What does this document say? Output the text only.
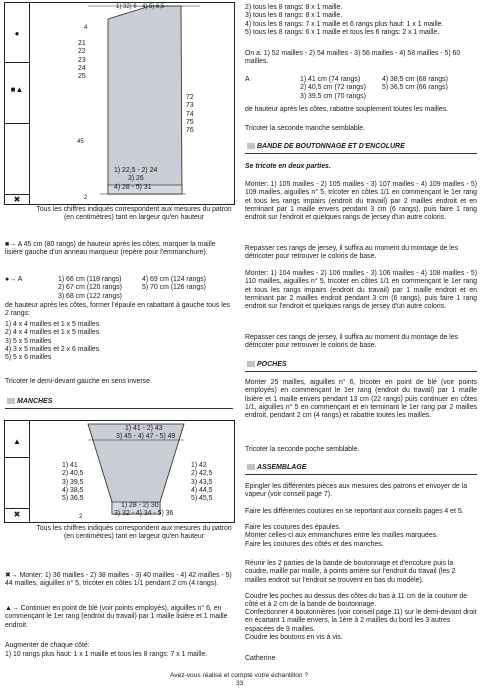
●
■▲
✖
1) 32) 6 - 4) 5) 6,5
4
21
22
23
24
25
72
73
74
75
76
45
1) 22,5 - 2) 24
3) 26
4) 28 - 5) 31
2
Tous les chiffres indiqués correspondent aux mesures du patron (en centimètres) tant en largeur qu'en hauteur
■→ A 45 cm (80 rangs) de hauteur après les côtes, marquer la maille lisière gauche d'un anneau marqueur (repère pour l'emmanchure).
●→ A	1) 66 cm (118 rangs)	4) 69 cm (124 rangs)
2) 67 cm (120 rangs)	5) 70 cm (126 rangs)
3) 68 cm (122 rangs)
de hauteur après les côtes, former l'épaule en rabattant à gauche tous les 2 rangs:
1) 4 x 4 mailles et 1 x 5 mailles
2) 4 x 4 mailles et 1 x 5 mailles
3) 5 x 5 mailles
4) 3 x 5 mailles et 2 x 6 mailles
5) 5 x 6 mailles
Tricoter le demi-devant gauche en sens inverse.
MANCHES
▲
✖
1) 41 - 2) 43
3) 45 - 4) 47 - 5) 49
1) 41
2) 40,5
3) 39,5
4) 38,5
5) 36,5
1) 42
2) 42,5
3) 43,5
4) 44,5
5) 45,5
1) 28 - 2) 30
3) 32 - 4) 34 - 5) 36
2
Tous les chiffres indiqués correspondent aux mesures du patron (en centimètres) tant en largeur qu'en hauteur
✖→ Monter: 1) 36 mailles - 2) 38 mailles - 3) 40 mailles - 4) 42 mailles - 5) 44 mailles, aiguilles n° 5, tricoter en côtes 1/1 pendant 2 cm (4 rangs).
▲→ Continuer en point de blé (voir points employés), aiguilles n° 6, en commençant le 1er rang (endroit du travail) par 1 maille lisière et 1 maille endroit.
Augmenter de chaque côté:
1) 10 rangs plus haut: 1 x 1 maille et tous les 8 rangs: 7 x 1 maille.
2) tous les 8 rangs: 8 x 1 maille.
3) tous les 8 rangs: 8 x 1 maille.
4) tous les 8 rangs: 7 x 1 maille et 6 rangs plus haut: 1 x 1 maille.
5) tous les 8 rangs: 6 x 1 maille et tous les 6 rangs: 2 x 1 maille.
On a: 1) 52 mailles - 2) 54 mailles - 3) 56 mailles - 4) 58 mailles - 5) 60 mailles.
A	1) 41 cm (74 rangs)	4) 38,5 cm (68 rangs)
2) 40,5 cm (72 rangs)	5) 36,5 cm (66 rangs)
3) 39,5 cm (70 rangs)
de hauteur après les côtes, rabattre souplement toutes les mailles.
Tricoter la seconde manche semblable.
BANDE DE BOUTONNAGE ET D'ENCOLURE
Se tricote en deux parties.
Monter: 1) 105 mailles - 2) 105 mailles - 3) 107 mailles - 4) 109 mailles - 5) 109 mailles, aiguilles n° 5, tricoter en côtes 1/1 en commençant le 1er rang et tous les rangs impairs (endroit du travail) par 2 mailles endroit et en terminant par 1 maille envers pendant 3 cm (6 rangs), puis faire 1 rang endroit sur l'endroit et quelques rangs de jersey d'un autre coloris.
Repasser ces rangs de jersey, il suffira au moment du montage de les détricoter pour retrouver le coloris de base.
Monter: 1) 104 mailles - 2) 106 mailles - 3) 106 mailles - 4) 108 mailles - 5) 110 mailles, aiguilles n° 5, tricoter en côtes 1/1 en commençant le 1er rang et tous les rangs impairs (endroit du travail) par 1 maille endroit et en terminant par 2 mailles endroit pendant 3 cm (6 rangs), puis faire 1 rang endroit sur l'endroit et quelques rangs de jersey d'un autre coloris.
Repasser ces rangs de jersey, il suffira au moment du montage de les détricoter pour retrouver le coloris de base.
POCHES
Monter 25 mailles, aiguilles n° 6, tricoter en point de blé (voir points employés) en commençant le 1er rang (endroit du travail) par 1 maille lisière et 1 maille envers pendant 13 cm (22 rangs) puis continuer en côtes 1/1, aiguilles n° 5 en commençant et en terminant le 1er rang par 2 mailles endroit, pendant 2 cm (4 rangs) et rabattre toutes les mailles.
Tricoter la seconde poche semblable.
ASSEMBLAGE
Epingler les différentes pièces aux mesures des patrons et envoyer de la vapeur (voir conseil page 7).
Faire les différentes coutures en se reportant aux conseils pages 4 et 5.
Faire les coutures des épaules.
Monter celles-ci aux emmanchures entre les mailles marquées.
Faire les coutures des côtés et des manches.
Réunir les 2 parties de la bande de boutonnage et d'encolure puis la coudre, maille par maille, à points arrière sur l'endroit du travail (les 2 mailles endroit sur l'endroit se trouvent en bas du modèle).
Coudre les poches au dessus des côtes du bas à 11 cm de la couture de côté et à 2 cm de la bande de boutonnage.
Confectionner 4 boutonnières (voir conseil page 11) sur le demi-devant droit en écartant 1 maille envers, la 1ère à 2 mailles du bord les 3 autres espacées de 9 mailles.
Coudre les boutons en vis à vis.
Catherine
Avez-vous réalisé et compté votre échantillon ?
33
